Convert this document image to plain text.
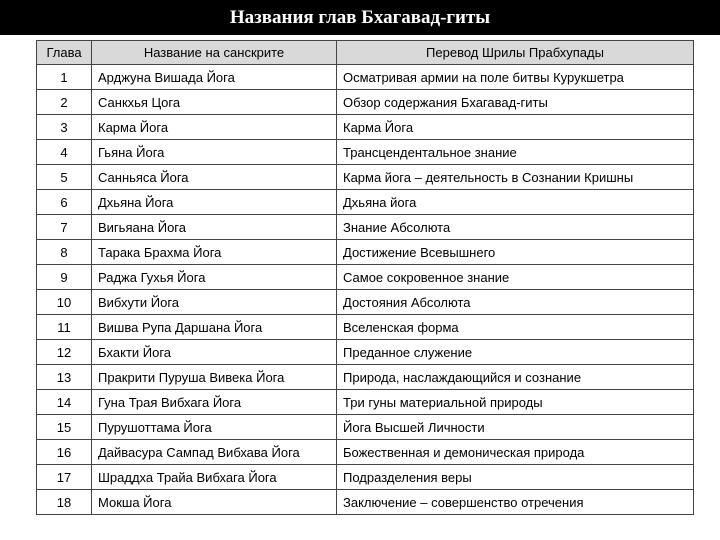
Названия глав Бхагавад-гиты
Глава	Название на санскрите	Перевод Шрилы Прабхупады
1	Арджуна Вишада Йога	Осматривая армии на поле битвы Курукшетра
2	Санкхья Цога	Обзор содержания Бхагавад-гиты
3	Карма Йога	Карма Йога
4	Гьяна Йога	Трансцендентальное знание
5	Санньяса Йога	Карма йога – деятельность в Сознании Кришны
6	Дхьяна Йога	Дхьяна йога
7	Вигьяана Йога	Знание Абсолюта
8	Тарака Брахма Йога	Достижение Всевышнего
9	Раджа Гухья Йога	Самое сокровенное знание
10	Вибхути Йога	Достояния Абсолюта
11	Вишва Рупа Даршана Йога	Вселенская форма
12	Бхакти Йога	Преданное служение
13	Пракрити Пуруша Вивека Йога	Природа, наслаждающийся и сознание
14	Гуна Трая Вибхага Йога	Три гуны материальной природы
15	Пурушоттама Йога	Йога Высшей Личности
16	Дайвасура Сампад Вибхава Йога	Божественная и демоническая природа
17	Шраддха Трайа Вибхага Йога	Подразделения веры
18	Мокша Йога	Заключение – совершенство отречения
